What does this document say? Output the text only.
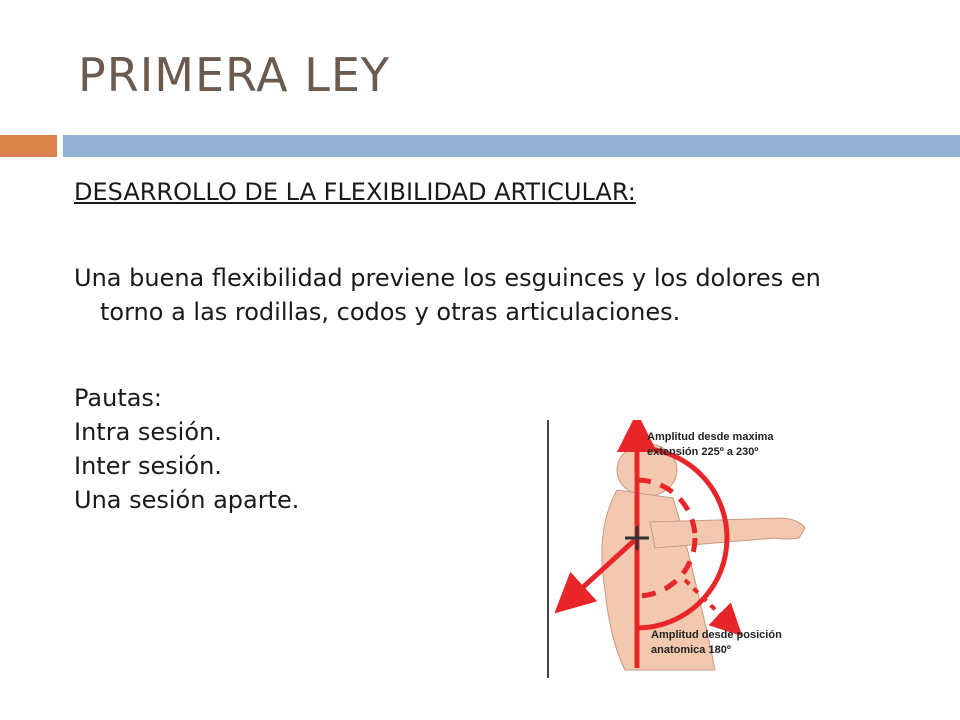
PRIMERA LEY

DESARROLLO DE LA FLEXIBILIDAD ARTICULAR:

Una buena flexibilidad previene los esguinces y los dolores en torno a las rodillas, codos y otras articulaciones.

Pautas:

Intra sesión.

Inter sesión.

Una sesión aparte.

Amplitud desde maxima
extensión 225º a 230º
Amplitud desde posición
anatomica 180º
